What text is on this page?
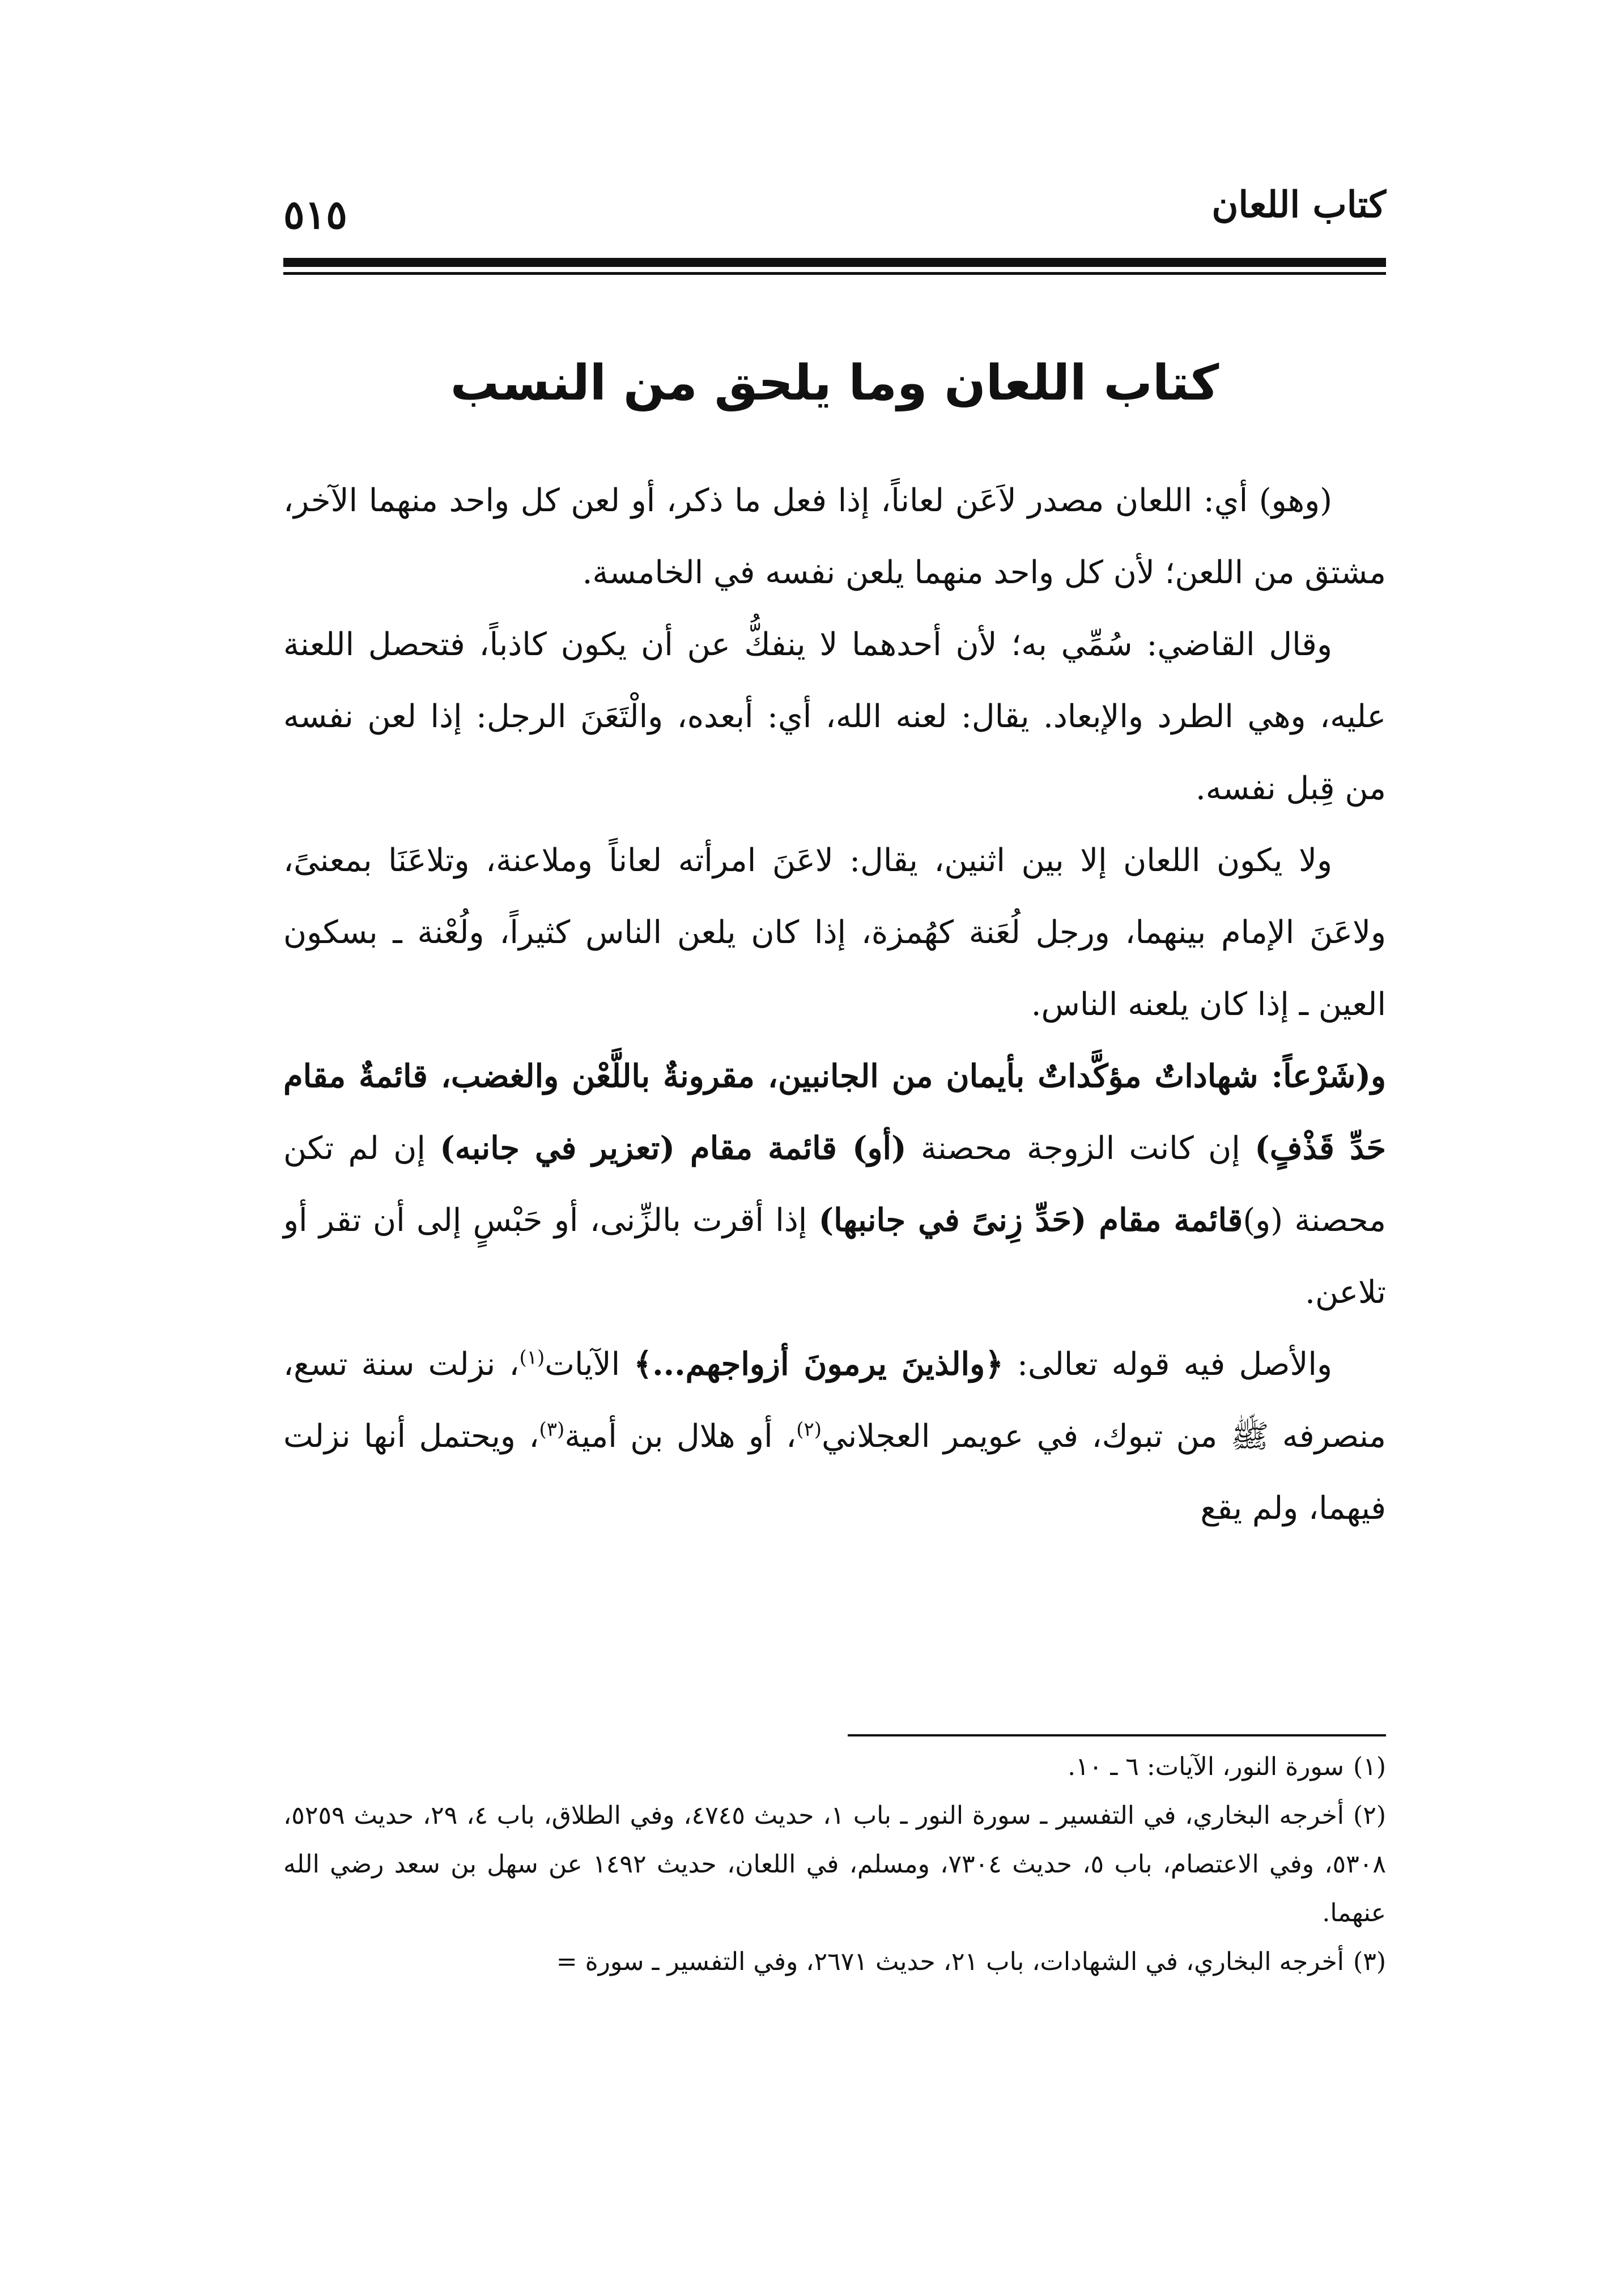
كتاب اللعان
٥١٥
كتاب اللعان وما يلحق من النسب

(وهو) أي: اللعان مصدر لاَعَن لعاناً، إذا فعل ما ذكر، أو لعن كل واحد منهما الآخر، مشتق من اللعن؛ لأن كل واحد منهما يلعن نفسه في الخامسة.

وقال القاضي: سُمِّي به؛ لأن أحدهما لا ينفكُّ عن أن يكون كاذباً، فتحصل اللعنة عليه، وهي الطرد والإبعاد. يقال: لعنه الله، أي: أبعده، والْتَعَنَ الرجل: إذا لعن نفسه من قِبل نفسه.

ولا يكون اللعان إلا بين اثنين، يقال: لاعَنَ امرأته لعاناً وملاعنة، وتلاعَنَا بمعنىً، ولاعَنَ الإمام بينهما، ورجل لُعَنة كهُمزة، إذا كان يلعن الناس كثيراً، ولُعْنة ـ بسكون العين ـ إذا كان يلعنه الناس.

و(شَرْعاً: شهاداتٌ مؤكَّداتٌ بأيمان من الجانبين، مقرونةٌ باللَّعْن والغضب، قائمةٌ مقام حَدِّ قَذْفٍ) إن كانت الزوجة محصنة (أو) قائمة مقام (تعزير في جانبه) إن لم تكن محصنة (و)قائمة مقام (حَدِّ زِنىً في جانبها) إذا أقرت بالزِّنى، أو حَبْسٍ إلى أن تقر أو تلاعن.

والأصل فيه قوله تعالى: ﴿والذينَ يرمونَ أزواجهم...﴾ الآيات$^{(١)}$، نزلت سنة تسع، منصرفه ﷺ من تبوك، في عويمر العجلاني$^{(٢)}$، أو هلال بن أمية$^{(٣)}$، ويحتمل أنها نزلت فيهما، ولم يقع

(١)سورة النور، الآيات: ٦ ـ ١٠.

(٢)أخرجه البخاري، في التفسير ـ سورة النور ـ باب ١، حديث ٤٧٤٥، وفي الطلاق، باب ٤، ٢٩، حديث ٥٢٥٩، ٥٣٠٨، وفي الاعتصام، باب ٥، حديث ٧٣٠٤، ومسلم، في اللعان، حديث ١٤٩٢ عن سهل بن سعد رضي الله عنهما.

(٣)أخرجه البخاري، في الشهادات، باب ٢١، حديث ٢٦٧١، وفي التفسير ـ سورة =
